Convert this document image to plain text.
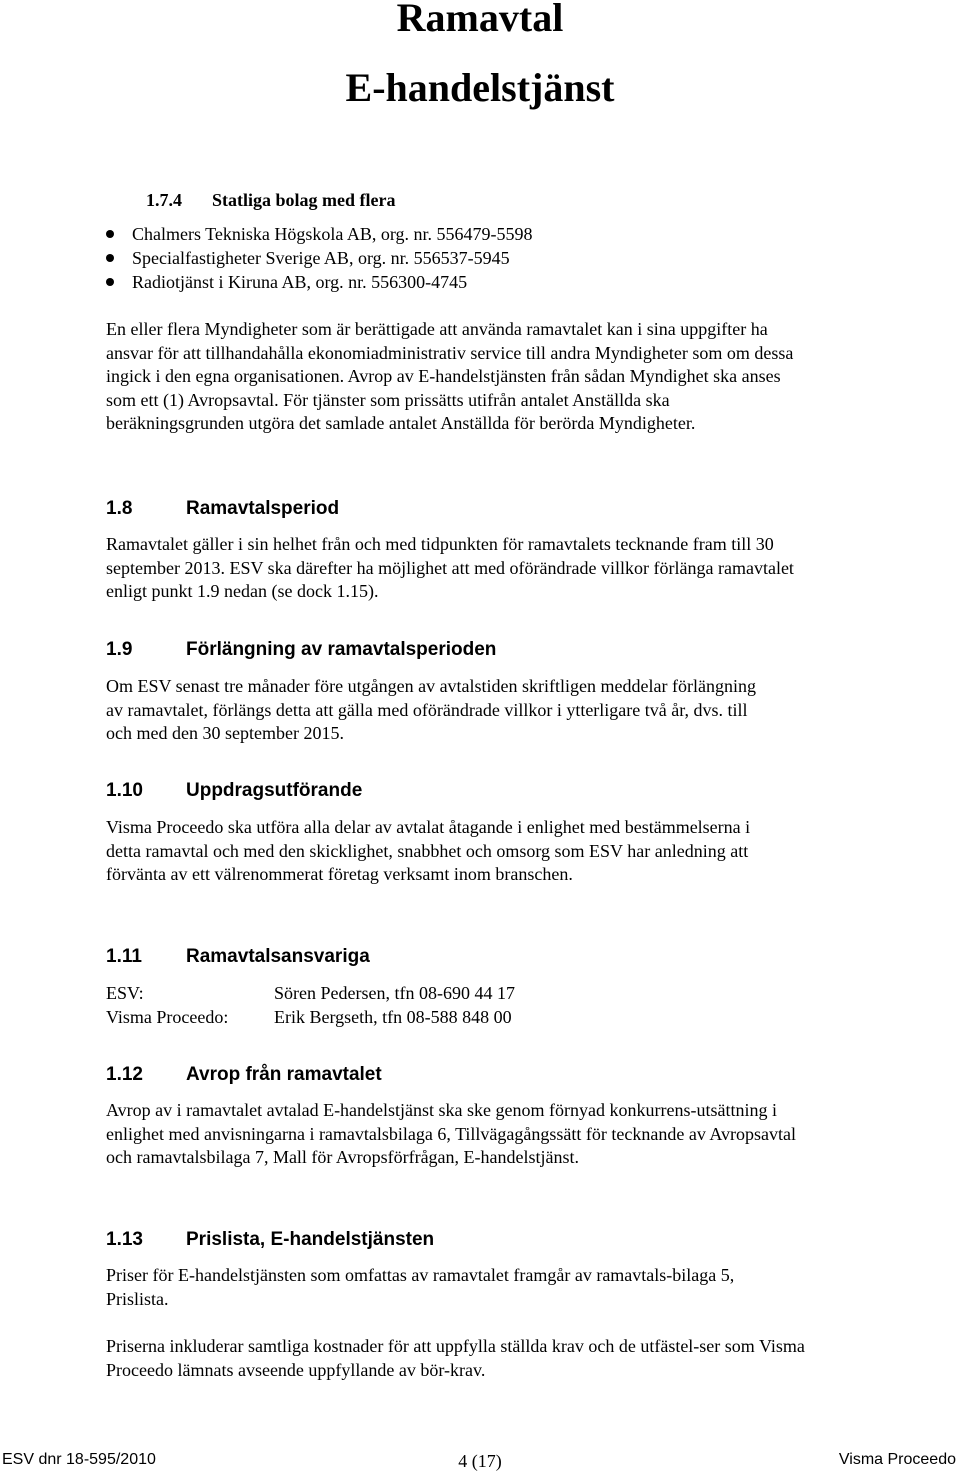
Ramavtal
E-handelstjänst
1.7.4 Statliga bolag med flera
Chalmers Tekniska Högskola AB, org. nr. 556479-5598
Specialfastigheter Sverige AB, org. nr. 556537-5945
Radiotjänst i Kiruna AB, org. nr. 556300-4745

En eller flera Myndigheter som är berättigade att använda ramavtalet kan i sina uppgifter ha ansvar för att tillhandahålla ekonomiadministrativ service till andra Myndigheter som om dessa ingick i den egna organisationen. Avrop av E-handelstjänsten från sådan Myndighet ska anses som ett (1) Avropsavtal. För tjänster som prissätts utifrån antalet Anställda ska beräkningsgrunden utgöra det samlade antalet Anställda för berörda Myndigheter.

1.8	Ramavtalsperiod

Ramavtalet gäller i sin helhet från och med tidpunkten för ramavtalets tecknande fram till 30 september 2013. ESV ska därefter ha möjlighet att med oförändrade villkor förlänga ramavtalet enligt punkt 1.9 nedan (se dock 1.15).

1.9	Förlängning av ramavtalsperioden

Om ESV senast tre månader före utgången av avtalstiden skriftligen meddelar förlängning av ramavtalet, förlängs detta att gälla med oförändrade villkor i ytterligare två år, dvs. till och med den 30 september 2015.

1.10 Uppdragsutförande

Visma Proceedo ska utföra alla delar av avtalat åtagande i enlighet med bestämmelserna i detta ramavtal och med den skicklighet, snabbhet och omsorg som ESV har anledning att förvänta av ett välrenommerat företag verksamt inom branschen.

1.11 Ramavtalsansvariga
ESV:	Sören Pedersen, tfn 08-690 44 17
Visma Proceedo:	Erik Bergseth, tfn 08-588 848 00
1.12 Avrop från ramavtalet

Avrop av i ramavtalet avtalad E-handelstjänst ska ske genom förnyad konkurrens-utsättning i enlighet med anvisningarna i ramavtalsbilaga 6, Tillvägagångssätt för tecknande av Avropsavtal och ramavtalsbilaga 7, Mall för Avropsförfrågan, E-handelstjänst.

1.13 Prislista, E-handelstjänsten

Priser för E-handelstjänsten som omfattas av ramavtalet framgår av ramavtals-bilaga 5, Prislista.

Priserna inkluderar samtliga kostnader för att uppfylla ställda krav och de utfästel-ser som Visma Proceedo lämnats avseende uppfyllande av bör-krav.

ESV dnr 18-595/2010	4 (17)	Visma Proceedo
